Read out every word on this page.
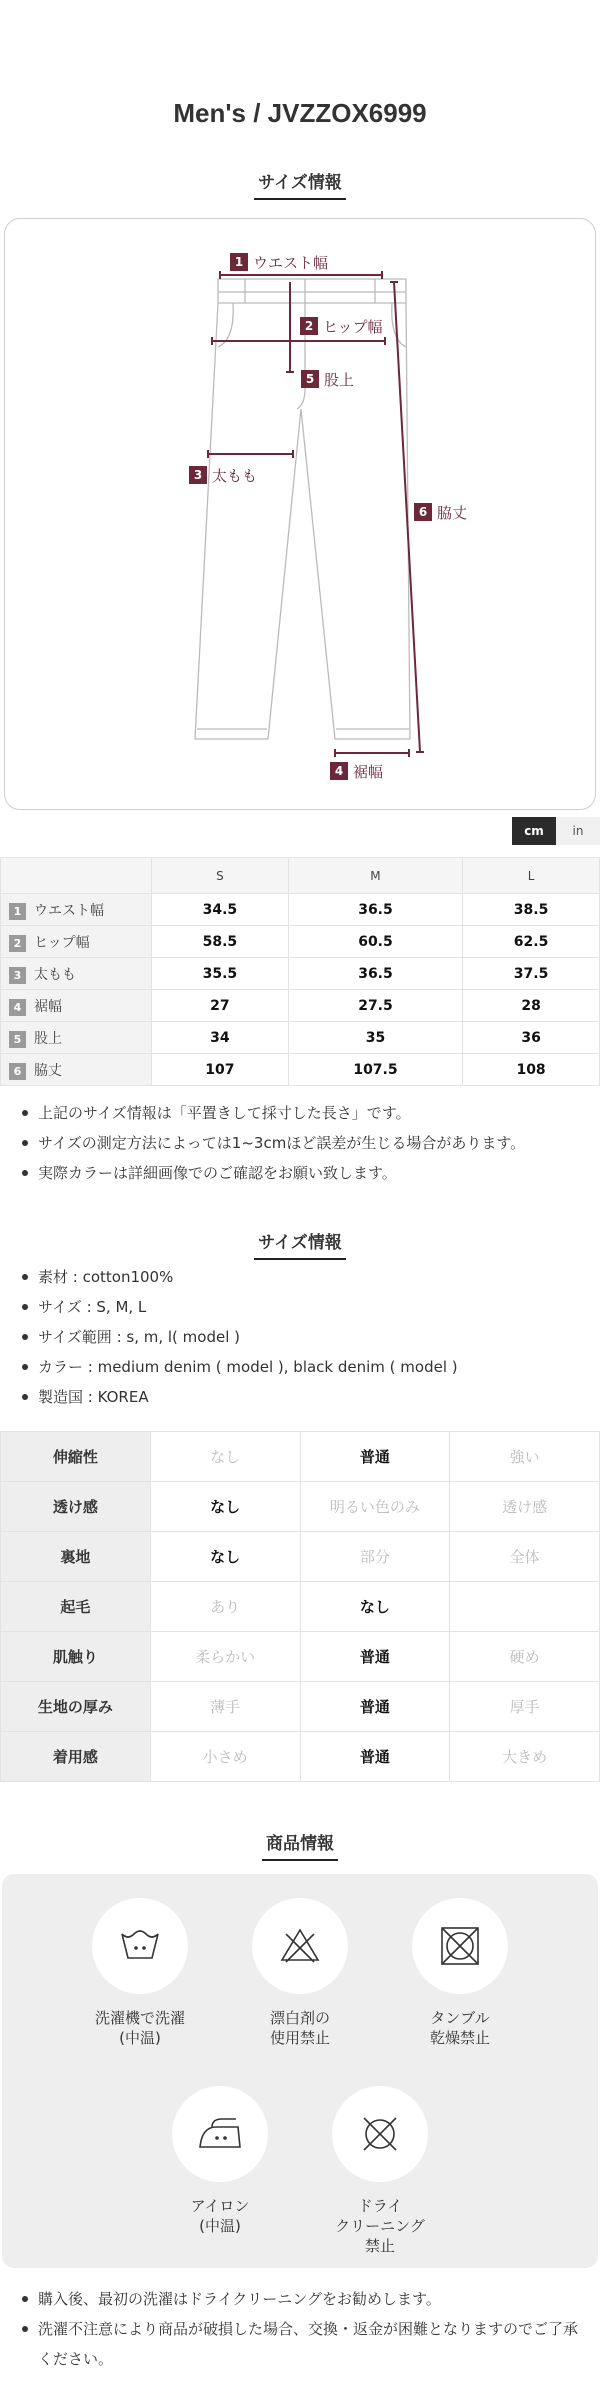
Men's / JVZZOX6999
サイズ情報
1 ウエスト幅
2 ヒップ幅
5 股上
3 太もも
6 脇丈
4 裾幅
cm	in
	S	M	L
1 ウエスト幅	34.5	36.5	38.5
2 ヒップ幅	58.5	60.5	62.5
3 太もも	35.5	36.5	37.5
4 裾幅	27	27.5	28
5 股上	34	35	36
6 脇丈	107	107.5	108
上記のサイズ情報は「平置きして採寸した長さ」です。
サイズの測定方法によっては1~3cmほど誤差が生じる場合があります。
実際カラーは詳細画像でのご確認をお願い致します。
サイズ情報
素材 : cotton100%
サイズ : S, M, L
サイズ範囲 : s, m, l( model )
カラー : medium denim ( model ), black denim ( model )
製造国 : KOREA
伸縮性	なし	普通	強い
透け感	なし	明るい色のみ	透け感
裏地	なし	部分	全体
起毛	あり	なし	
肌触り	柔らかい	普通	硬め
生地の厚み	薄手	普通	厚手
着用感	小さめ	普通	大きめ
商品情報
洗濯機で洗濯
(中温)
漂白剤の
使用禁止
タンブル
乾燥禁止
アイロン
(中温)
ドライ
クリーニング
禁止
購入後、最初の洗濯はドライクリーニングをお勧めします。
洗濯不注意により商品が破損した場合、交換・返金が困難となりますのでご了承ください。
